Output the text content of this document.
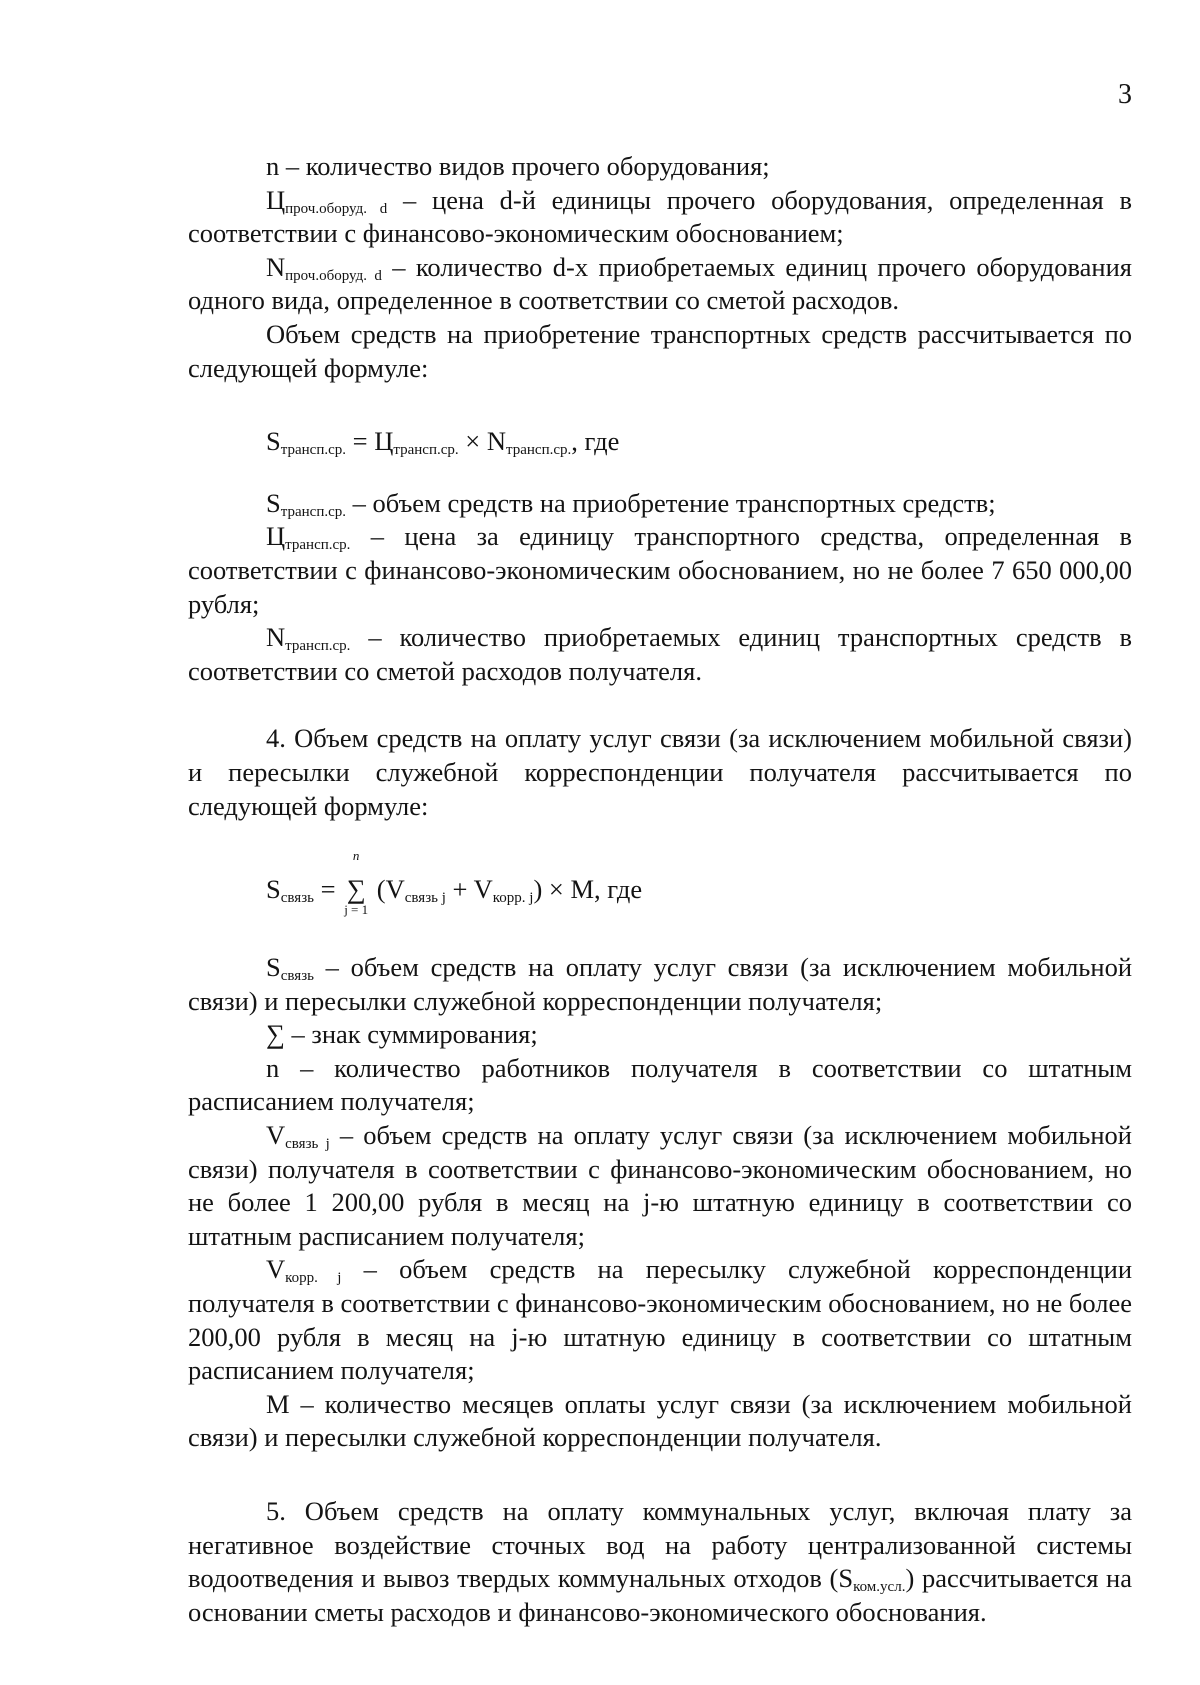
3

n – количество видов прочего оборудования;

$Ц_{проч.оборуд. d}$ – цена d-й единицы прочего оборудования, определенная в соответствии с финансово-экономическим обоснованием;

$N_{проч.оборуд. d}$ – количество d-х приобретаемых единиц прочего оборудования одного вида, определенное в соответствии со сметой расходов.

Объем средств на приобретение транспортных средств рассчитывается по следующей формуле:

$S_{трансп.ср.} = Ц_{трансп.ср.} \times N_{трансп.ср.}$, где

$S_{трансп.ср.}$ – объем средств на приобретение транспортных средств;

$Ц_{трансп.ср.}$ – цена за единицу транспортного средства, определенная в соответствии с финансово-экономическим обоснованием, но не более 7 650 000,00 рубля;

$N_{трансп.ср.}$ – количество приобретаемых единиц транспортных средств в соответствии со сметой расходов получателя.

4. Объем средств на оплату услуг связи (за исключением мобильной связи) и пересылки служебной корреспонденции получателя рассчитывается по следующей формуле:

$S_{связь}$ = ∑
n
j = 1
$(V_{связь j} + V_{корр. j}) \times M$, где

$S_{связь}$ – объем средств на оплату услуг связи (за исключением мобильной связи) и пересылки служебной корреспонденции получателя;

∑ – знак суммирования;

n – количество работников получателя в соответствии со штатным расписанием получателя;

$V_{связь j}$ – объем средств на оплату услуг связи (за исключением мобильной связи) получателя в соответствии с финансово-экономическим обоснованием, но не более 1 200,00 рубля в месяц на j-ю штатную единицу в соответствии со штатным расписанием получателя;

$V_{корр. j}$ – объем средств на пересылку служебной корреспонденции получателя в соответствии с финансово-экономическим обоснованием, но не более 200,00 рубля в месяц на j-ю штатную единицу в соответствии со штатным расписанием получателя;

М – количество месяцев оплаты услуг связи (за исключением мобильной связи) и пересылки служебной корреспонденции получателя.

5. Объем средств на оплату коммунальных услуг, включая плату за негативное воздействие сточных вод на работу централизованной системы водоотведения и вывоз твердых коммунальных отходов $(S_{ком.усл.})$ рассчитывается на основании сметы расходов и финансово-экономического обоснования.
